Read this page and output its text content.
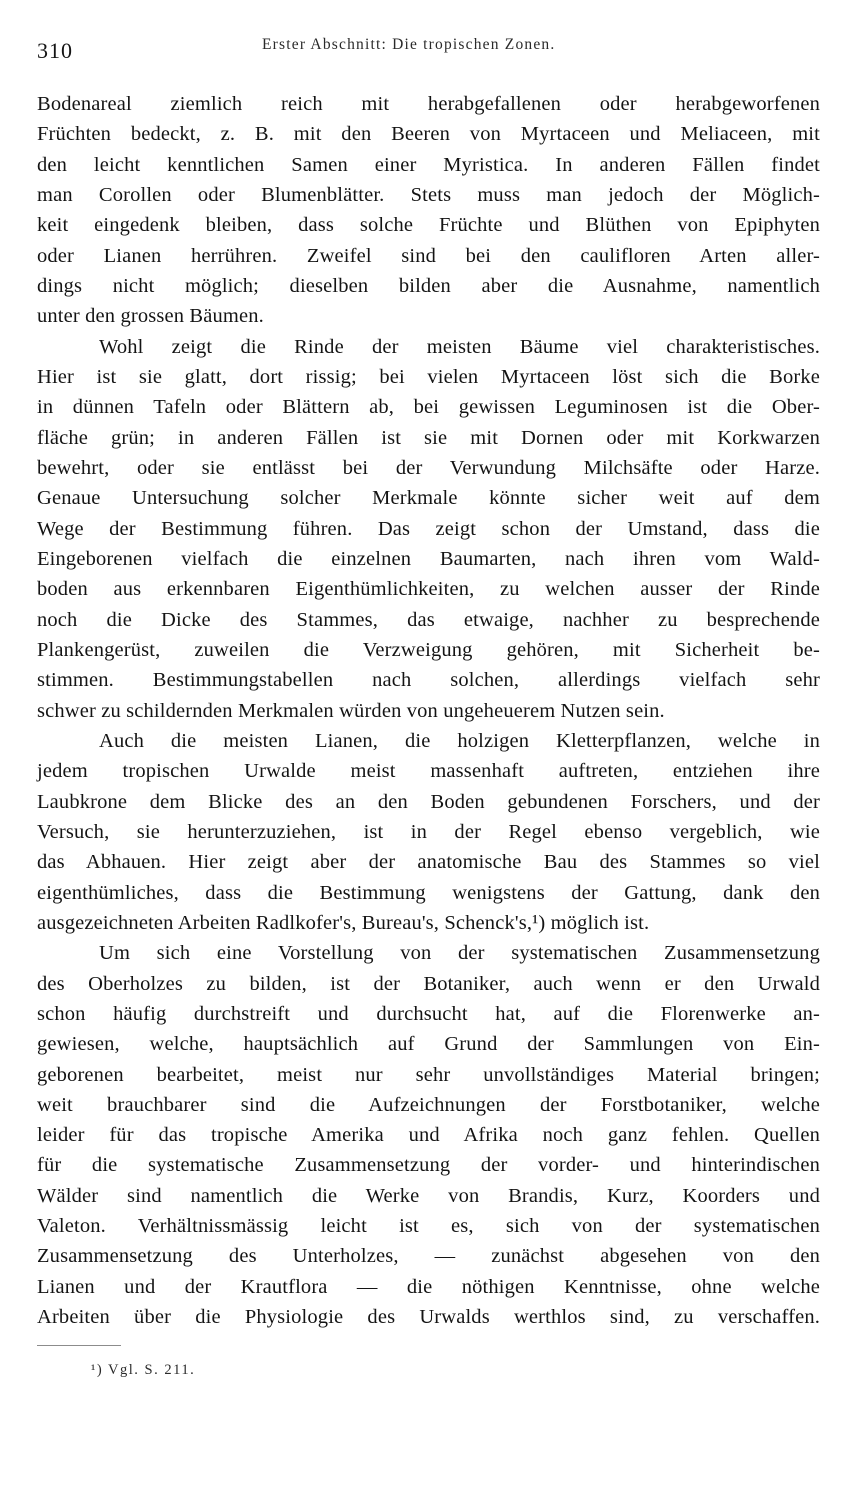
310	Erster Abschnitt: Die tropischen Zonen.
Bodenareal ziemlich reich mit herabgefallenen oder herabgeworfenen
Früchten bedeckt, z. B. mit den Beeren von Myrtaceen und Meliaceen, mit
den leicht kenntlichen Samen einer Myristica. In anderen Fällen findet
man Corollen oder Blumenblätter. Stets muss man jedoch der Möglich-
keit eingedenk bleiben, dass solche Früchte und Blüthen von Epiphyten
oder Lianen herrühren. Zweifel sind bei den caulifloren Arten aller-
dings nicht möglich; dieselben bilden aber die Ausnahme, namentlich
unter den grossen Bäumen.
Wohl zeigt die Rinde der meisten Bäume viel charakteristisches.
Hier ist sie glatt, dort rissig; bei vielen Myrtaceen löst sich die Borke
in dünnen Tafeln oder Blättern ab, bei gewissen Leguminosen ist die Ober-
fläche grün; in anderen Fällen ist sie mit Dornen oder mit Korkwarzen
bewehrt, oder sie entlässt bei der Verwundung Milchsäfte oder Harze.
Genaue Untersuchung solcher Merkmale könnte sicher weit auf dem
Wege der Bestimmung führen. Das zeigt schon der Umstand, dass die
Eingeborenen vielfach die einzelnen Baumarten, nach ihren vom Wald-
boden aus erkennbaren Eigenthümlichkeiten, zu welchen ausser der Rinde
noch die Dicke des Stammes, das etwaige, nachher zu besprechende
Plankengerüst, zuweilen die Verzweigung gehören, mit Sicherheit be-
stimmen. Bestimmungstabellen nach solchen, allerdings vielfach sehr
schwer zu schildernden Merkmalen würden von ungeheuerem Nutzen sein.
Auch die meisten Lianen, die holzigen Kletterpflanzen, welche in
jedem tropischen Urwalde meist massenhaft auftreten, entziehen ihre
Laubkrone dem Blicke des an den Boden gebundenen Forschers, und der
Versuch, sie herunterzuziehen, ist in der Regel ebenso vergeblich, wie
das Abhauen. Hier zeigt aber der anatomische Bau des Stammes so viel
eigenthümliches, dass die Bestimmung wenigstens der Gattung, dank den
ausgezeichneten Arbeiten Radlkofer's, Bureau's, Schenck's,¹) möglich ist.
Um sich eine Vorstellung von der systematischen Zusammensetzung
des Oberholzes zu bilden, ist der Botaniker, auch wenn er den Urwald
schon häufig durchstreift und durchsucht hat, auf die Florenwerke an-
gewiesen, welche, hauptsächlich auf Grund der Sammlungen von Ein-
geborenen bearbeitet, meist nur sehr unvollständiges Material bringen;
weit brauchbarer sind die Aufzeichnungen der Forstbotaniker, welche
leider für das tropische Amerika und Afrika noch ganz fehlen. Quellen
für die systematische Zusammensetzung der vorder- und hinterindischen
Wälder sind namentlich die Werke von Brandis, Kurz, Koorders und
Valeton. Verhältnissmässig leicht ist es, sich von der systematischen
Zusammensetzung des Unterholzes, — zunächst abgesehen von den
Lianen und der Krautflora — die nöthigen Kenntnisse, ohne welche
Arbeiten über die Physiologie des Urwalds werthlos sind, zu verschaffen.
¹) Vgl. S. 211.
